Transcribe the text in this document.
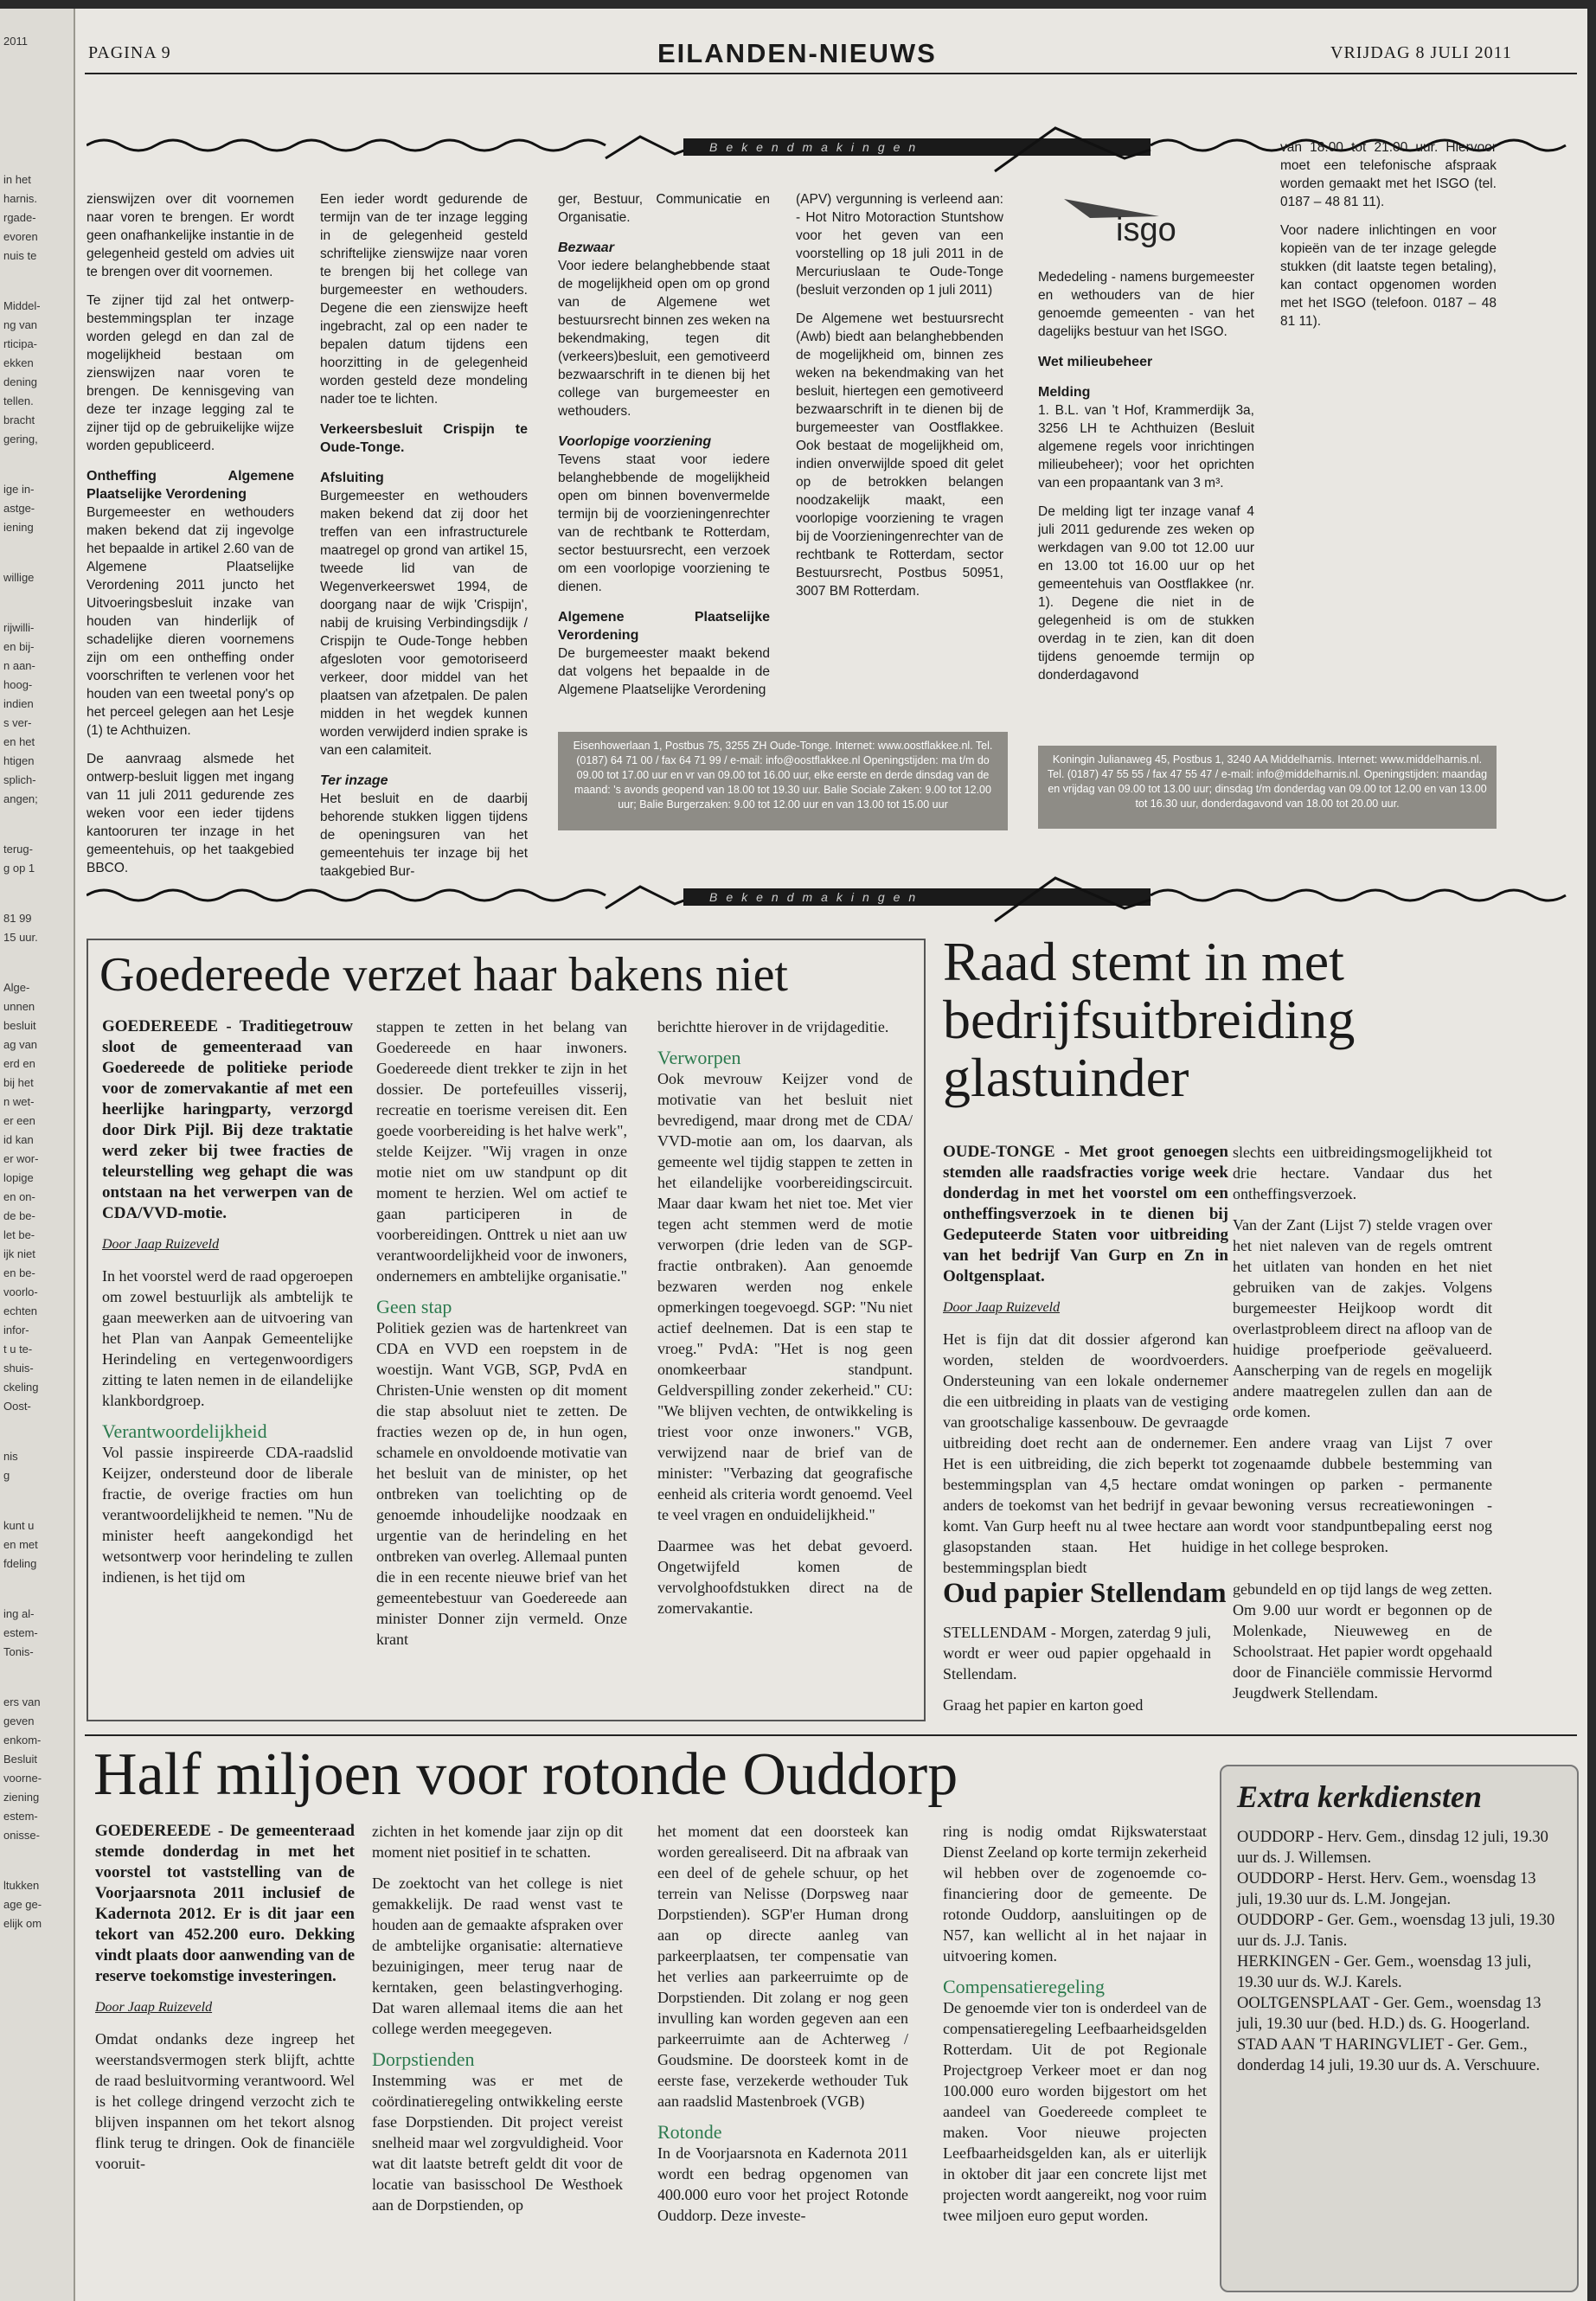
2011
in het
harnis.
rgade-
evoren
nuis te
Middel-
ng van
rticipa-
ekken
dening
tellen.
bracht
gering,
ige in-
astge-
iening
willige
rijwilli-
en bij-
n aan-
hoog-
indien
s ver-
en het
htigen
splich-
angen;
terug-
g op 1
81 99
15 uur.
Alge-
unnen
besluit
ag van
erd en
bij het
n wet-
er een
id kan
er wor-
lopige
en on-
de be-
let be-
ijk niet
en be-
voorlo-
echten
infor-
t u te-
shuis-
ckeling
Oost-
nis
g
kunt u
en met
fdeling
ing al-
estem-
Tonis-
ers van
geven
enkom-
Besluit
voorne-
ziening
estem-
onisse-
ltukken
age ge-
elijk om
PAGINA 9	EILANDEN-NIEUWS	VRIJDAG 8 JULI 2011
Bekendmakingen

zienswijzen over dit voornemen naar voren te brengen. Er wordt geen onafhankelijke instantie in de gelegenheid gesteld om advies uit te brengen over dit voornemen.

Te zijner tijd zal het ontwerp-bestemmingsplan ter inzage worden gelegd en dan zal de mogelijkheid bestaan om zienswijzen naar voren te brengen. De kennisgeving van deze ter inzage legging zal te zijner tijd op de gebruikelijke wijze worden gepubliceerd.

Ontheffing Algemene Plaatselijke Verordening

Burgemeester en wethouders maken bekend dat zij ingevolge het bepaalde in artikel 2.60 van de Algemene Plaatselijke Verordening 2011 juncto het Uitvoeringsbesluit inzake van houden van hinderlijk of schadelijke dieren voornemens zijn om een ontheffing onder voorschriften te verlenen voor het houden van een tweetal pony's op het perceel gelegen aan het Lesje (1) te Achthuizen.

De aanvraag alsmede het ontwerp-besluit liggen met ingang van 11 juli 2011 gedurende zes weken voor een ieder tijdens kantooruren ter inzage in het gemeentehuis, op het taakgebied BBCO.

Een ieder wordt gedurende de termijn van de ter inzage legging in de gelegenheid gesteld schriftelijke zienswijze naar voren te brengen bij het college van burgemeester en wethouders. Degene die een zienswijze heeft ingebracht, zal op een nader te bepalen datum tijdens een hoorzitting in de gelegenheid worden gesteld deze mondeling nader toe te lichten.

Verkeersbesluit Crispijn te Oude-Tonge.
Afsluiting

Burgemeester en wethouders maken bekend dat zij door het treffen van een infrastructurele maatregel op grond van artikel 15, tweede lid van de Wegenverkeerswet 1994, de doorgang naar de wijk 'Crispijn', nabij de kruising Verbindingsdijk / Crispijn te Oude-Tonge hebben afgesloten voor gemotoriseerd verkeer, door middel van het plaatsen van afzetpalen. De palen midden in het wegdek kunnen worden verwijderd indien sprake is van een calamiteit.

Ter inzage

Het besluit en de daarbij behorende stukken liggen tijdens de openingsuren van het gemeentehuis ter inzage bij het taakgebied Bur-

ger, Bestuur, Communicatie en Organisatie.

Bezwaar

Voor iedere belanghebbende staat de mogelijkheid open om op grond van de Algemene wet bestuursrecht binnen zes weken na bekendmaking, tegen dit (verkeers)besluit, een gemotiveerd bezwaarschrift in te dienen bij het college van burgemeester en wethouders.

Voorlopige voorziening

Tevens staat voor iedere belanghebbende de mogelijkheid open om binnen bovenvermelde termijn bij de voorzieningenrechter van de rechtbank te Rotterdam, sector bestuursrecht, een verzoek om een voorlopige voorziening te dienen.

Algemene Plaatselijke Verordening

De burgemeester maakt bekend dat volgens het bepaalde in de Algemene Plaatselijke Verordening

(APV) vergunning is verleend aan: - Hot Nitro Motoraction Stuntshow voor het geven van een voorstelling op 18 juli 2011 in de Mercuriuslaan te Oude-Tonge (besluit verzonden op 1 juli 2011)

De Algemene wet bestuursrecht (Awb) biedt aan belanghebbenden de mogelijkheid om, binnen zes weken na bekendmaking van het besluit, hiertegen een gemotiveerd bezwaarschrift in te dienen bij de burgemeester van Oostflakkee. Ook bestaat de mogelijkheid om, indien onverwijlde spoed dit gelet op de betrokken belangen noodzakelijk maakt, een voorlopige voorziening te vragen bij de Voorzieningenrechter van de rechtbank te Rotterdam, sector Bestuursrecht, Postbus 50951, 3007 BM Rotterdam.

Eisenhowerlaan 1, Postbus 75, 3255 ZH Oude-Tonge. Internet: www.oostflakkee.nl. Tel. (0187) 64 71 00 / fax 64 71 99 / e-mail: info@oostflakkee.nl Openingstijden: ma t/m do 09.00 tot 17.00 uur en vr van 09.00 tot 16.00 uur, elke eerste en derde dinsdag van de maand: 's avonds geopend van 18.00 tot 19.30 uur. Balie Sociale Zaken: 9.00 tot 12.00 uur; Balie Burgerzaken: 9.00 tot 12.00 uur en van 13.00 tot 15.00 uur
isgo

Mededeling - namens burgemeester en wethouders van de hier genoemde gemeenten - van het dagelijks bestuur van het ISGO.

Wet milieubeheer
Melding

1. B.L. van 't Hof, Krammerdijk 3a, 3256 LH te Achthuizen (Besluit algemene regels voor inrichtingen milieubeheer); voor het oprichten van een propaantank van 3 m³.

De melding ligt ter inzage vanaf 4 juli 2011 gedurende zes weken op werkdagen van 9.00 tot 12.00 uur en 13.00 tot 16.00 uur op het gemeentehuis van Oostflakkee (nr. 1). Degene die niet in de gelegenheid is om de stukken overdag in te zien, kan dit doen tijdens genoemde termijn op donderdagavond

van 18.00 tot 21.00 uur. Hiervoor moet een telefonische afspraak worden gemaakt met het ISGO (tel. 0187 – 48 81 11).

Voor nadere inlichtingen en voor kopieën van de ter inzage gelegde stukken (dit laatste tegen betaling), kan contact opgenomen worden met het ISGO (telefoon. 0187 – 48 81 11).

Koningin Julianaweg 45, Postbus 1, 3240 AA Middelharnis. Internet: www.middelharnis.nl. Tel. (0187) 47 55 55 / fax 47 55 47 / e-mail: info@middelharnis.nl. Openingstijden: maandag en vrijdag van 09.00 tot 13.00 uur; dinsdag t/m donderdag van 09.00 tot 12.00 en van 13.00 tot 16.30 uur, donderdagavond van 18.00 tot 20.00 uur.
Bekendmakingen
Goedereede verzet haar bakens niet

GOEDEREEDE - Traditiegetrouw sloot de gemeenteraad van Goedereede de politieke periode voor de zomervakantie af met een heerlijke haringparty, verzorgd door Dirk Pijl. Bij deze traktatie werd zeker bij twee fracties de teleurstelling weg gehapt die was ontstaan na het verwerpen van de CDA/VVD-motie.

Door Jaap Ruizeveld

In het voorstel werd de raad opgeroepen om zowel bestuurlijk als ambtelijk te gaan meewerken aan de uitvoering van het Plan van Aanpak Gemeentelijke Herindeling en vertegenwoordigers zitting te laten nemen in de eilandelijke klankbordgroep.

Verantwoordelijkheid

Vol passie inspireerde CDA-raadslid Keijzer, ondersteund door de liberale fractie, de overige fracties om hun verantwoordelijkheid te nemen. "Nu de minister heeft aangekondigd het wetsontwerp voor herindeling te zullen indienen, is het tijd om

stappen te zetten in het belang van Goedereede en haar inwoners. Goedereede dient trekker te zijn in het dossier. De portefeuilles visserij, recreatie en toerisme vereisen dit. Een goede voorbereiding is het halve werk", stelde Keijzer. "Wij vragen in onze motie niet om uw standpunt op dit moment te herzien. Wel om actief te gaan participeren in de voorbereidingen. Onttrek u niet aan uw verantwoordelijkheid voor de inwoners, ondernemers en ambtelijke organisatie."

Geen stap

Politiek gezien was de hartenkreet van CDA en VVD een roepstem in de woestijn. Want VGB, SGP, PvdA en Christen-Unie wensten op dit moment die stap absoluut niet te zetten. De fracties wezen op de, in hun ogen, schamele en onvoldoende motivatie van het besluit van de minister, op het ontbreken van toelichting op de genoemde inhoudelijke noodzaak en urgentie van de herindeling en het ontbreken van overleg. Allemaal punten die in een recente nieuwe brief van het gemeentebestuur van Goedereede aan minister Donner zijn vermeld. Onze krant

berichtte hierover in de vrijdageditie.

Verworpen

Ook mevrouw Keijzer vond de motivatie van het besluit niet bevredigend, maar drong met de CDA/ VVD-motie aan om, los daarvan, als gemeente wel tijdig stappen te zetten in het eilandelijke voorbereidingscircuit. Maar daar kwam het niet toe. Met vier tegen acht stemmen werd de motie verworpen (drie leden van de SGP-fractie ontbraken). Aan genoemde bezwaren werden nog enkele opmerkingen toegevoegd. SGP: "Nu niet actief deelnemen. Dat is een stap te vroeg." PvdA: "Het is nog geen onomkeerbaar standpunt. Geldverspilling zonder zekerheid." CU: "We blijven vechten, de ontwikkeling is triest voor onze inwoners." VGB, verwijzend naar de brief van de minister: "Verbazing dat geografische eenheid als criteria wordt genoemd. Veel te veel vragen en onduidelijkheid."

Daarmee was het debat gevoerd. Ongetwijfeld komen de vervolghoofdstukken direct na de zomervakantie.

Raad stemt in met bedrijfsuitbreiding glastuinder

OUDE-TONGE - Met groot genoegen stemden alle raadsfracties vorige week donderdag in met het voorstel om een ontheffingsverzoek in te dienen bij Gedeputeerde Staten voor uitbreiding van het bedrijf Van Gurp en Zn in Ooltgensplaat.

Door Jaap Ruizeveld

Het is fijn dat dit dossier afgerond kan worden, stelden de woordvoerders. Ondersteuning van een lokale ondernemer die een uitbreiding in plaats van de vestiging van grootschalige kassenbouw. De gevraagde uitbreiding doet recht aan de ondernemer. Het is een uitbreiding, die zich beperkt tot bestemmingsplan van 4,5 hectare omdat anders de toekomst van het bedrijf in gevaar komt. Van Gurp heeft nu al twee hectare aan glasopstanden staan. Het huidige bestemmingsplan biedt

slechts een uitbreidingsmogelijkheid tot drie hectare. Vandaar dus het ontheffingsverzoek.

Van der Zant (Lijst 7) stelde vragen over het niet naleven van de regels omtrent het uitlaten van honden en het niet gebruiken van de zakjes. Volgens burgemeester Heijkoop wordt dit overlastprobleem direct na afloop van de huidige proefperiode geëvalueerd. Aanscherping van de regels en mogelijk andere maatregelen zullen dan aan de orde komen.

Een andere vraag van Lijst 7 over zogenaamde dubbele bestemming van woningen op parken - permanente bewoning versus recreatiewoningen - wordt voor standpuntbepaling eerst nog in het college besproken.

Oud papier Stellendam

STELLENDAM - Morgen, zaterdag 9 juli, wordt er weer oud papier opgehaald in Stellendam.

Graag het papier en karton goed

gebundeld en op tijd langs de weg zetten. Om 9.00 uur wordt er begonnen op de Molenkade, Nieuweweg en de Schoolstraat. Het papier wordt opgehaald door de Financiële commissie Hervormd Jeugdwerk Stellendam.

Half miljoen voor rotonde Ouddorp

GOEDEREEDE - De gemeenteraad stemde donderdag in met het voorstel tot vaststelling van de Voorjaarsnota 2011 inclusief de Kadernota 2012. Er is dit jaar een tekort van 452.200 euro. Dekking vindt plaats door aanwending van de reserve toekomstige investeringen.

Door Jaap Ruizeveld

Omdat ondanks deze ingreep het weerstandsvermogen sterk blijft, achtte de raad besluitvorming verantwoord. Wel is het college dringend verzocht zich te blijven inspannen om het tekort alsnog flink terug te dringen. Ook de financiële vooruit-

zichten in het komende jaar zijn op dit moment niet positief in te schatten.

De zoektocht van het college is niet gemakkelijk. De raad wenst vast te houden aan de gemaakte afspraken over de ambtelijke organisatie: alternatieve bezuinigingen, meer terug naar de kerntaken, geen belastingverhoging. Dat waren allemaal items die aan het college werden meegegeven.

Dorpstienden

Instemming was er met de coördinatieregeling ontwikkeling eerste fase Dorpstienden. Dit project vereist snelheid maar wel zorgvuldigheid. Voor wat dit laatste betreft geldt dit voor de locatie van basisschool De Westhoek aan de Dorpstienden, op

het moment dat een doorsteek kan worden gerealiseerd. Dit na afbraak van een deel of de gehele schuur, op het terrein van Nelisse (Dorpsweg naar Dorpstienden). SGP'er Human drong aan op directe aanleg van parkeerplaatsen, ter compensatie van het verlies aan parkeerruimte op de Dorpstienden. Dit zolang er nog geen invulling kan worden gegeven aan een parkeerruimte aan de Achterweg / Goudsmine. De doorsteek komt in de eerste fase, verzekerde wethouder Tuk aan raadslid Mastenbroek (VGB)

Rotonde

In de Voorjaarsnota en Kadernota 2011 wordt een bedrag opgenomen van 400.000 euro voor het project Rotonde Ouddorp. Deze investe-

ring is nodig omdat Rijkswaterstaat Dienst Zeeland op korte termijn zekerheid wil hebben over de zogenoemde co-financiering door de gemeente. De rotonde Ouddorp, aansluitingen op de N57, kan wellicht al in het najaar in uitvoering komen.

Compensatieregeling

De genoemde vier ton is onderdeel van de compensatieregeling Leefbaarheidsgelden Rotterdam. Uit de pot Regionale Projectgroep Verkeer moet er dan nog 100.000 euro worden bijgestort om het aandeel van Goedereede compleet te maken. Voor nieuwe projecten Leefbaarheidsgelden kan, als er uiterlijk in oktober dit jaar een concrete lijst met projecten wordt aangereikt, nog voor ruim twee miljoen euro geput worden.

Extra kerkdiensten
OUDDORP - Herv. Gem., dinsdag 12 juli, 19.30 uur ds. J. Willemsen.
OUDDORP - Herst. Herv. Gem., woensdag 13 juli, 19.30 uur ds. L.M. Jongejan.
OUDDORP - Ger. Gem., woensdag 13 juli, 19.30 uur ds. J.J. Tanis.
HERKINGEN - Ger. Gem., woensdag 13 juli, 19.30 uur ds. W.J. Karels.
OOLTGENSPLAAT - Ger. Gem., woensdag 13 juli, 19.30 uur (bed. H.D.) ds. G. Hoogerland.
STAD AAN 'T HARINGVLIET - Ger. Gem., donderdag 14 juli, 19.30 uur ds. A. Verschuure.
